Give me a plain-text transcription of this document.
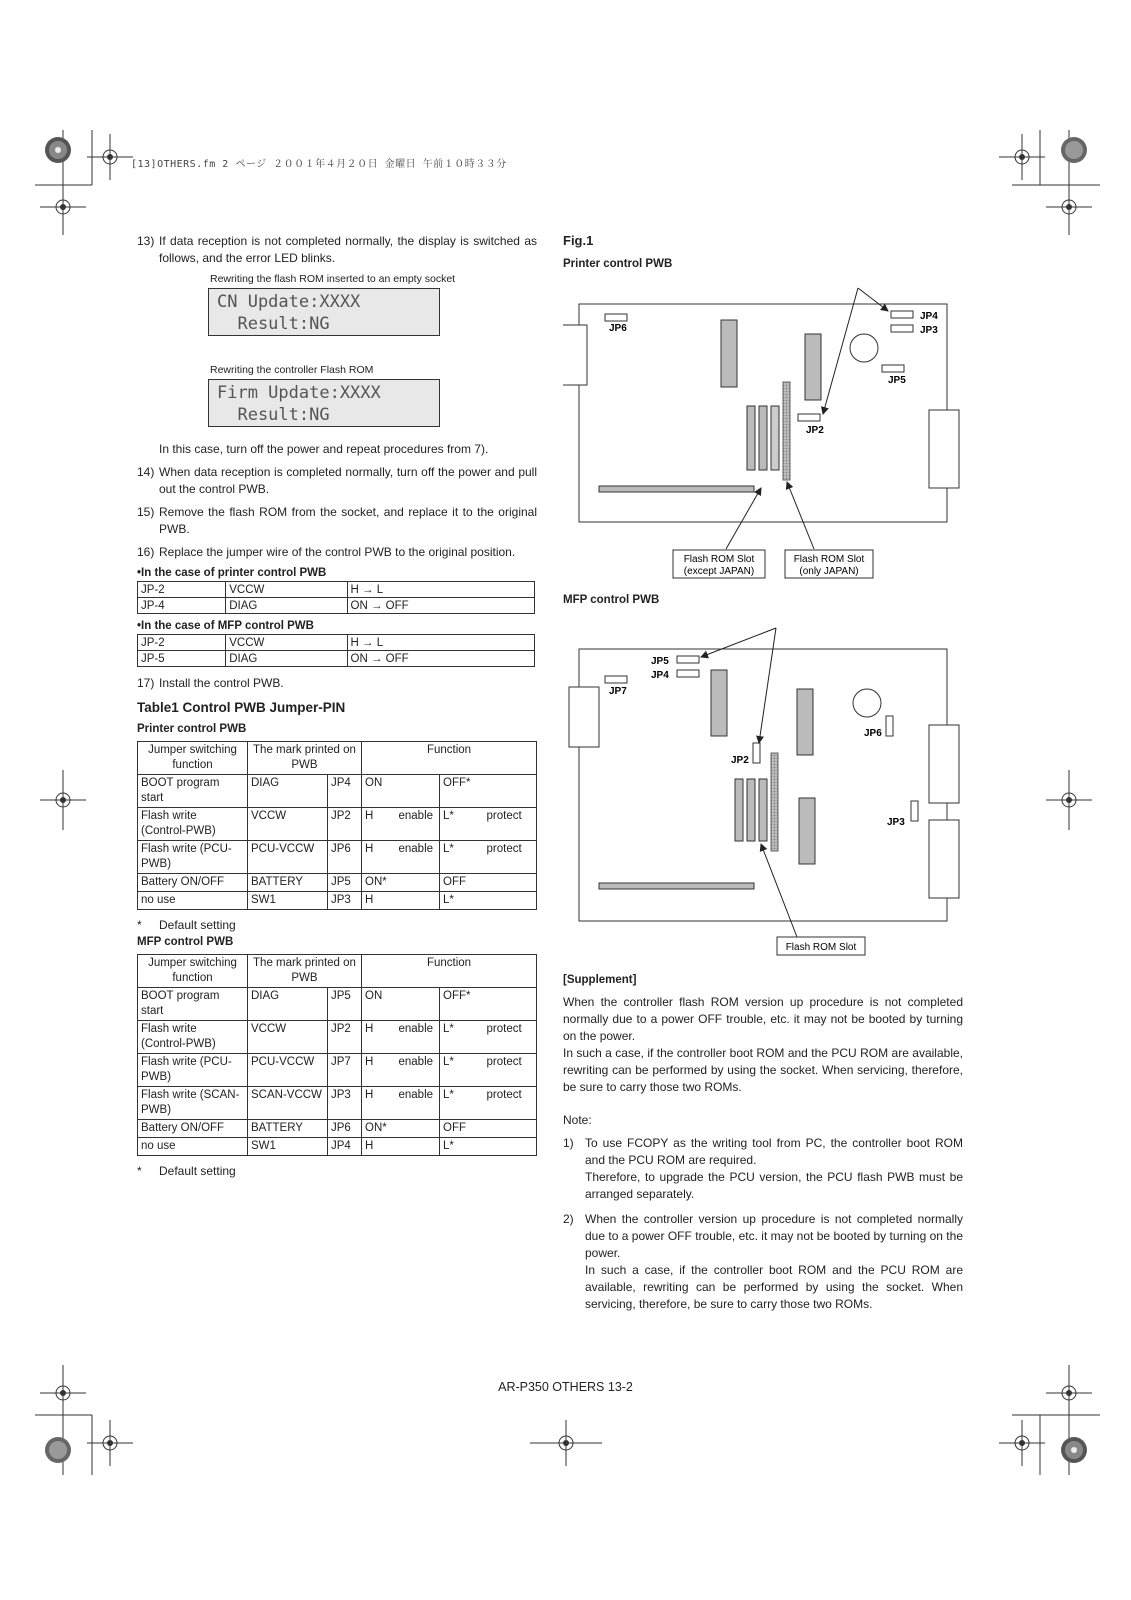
[13]OTHERS.fm 2 ページ ２００１年４月２０日 金曜日 午前１０時３３分
13) If data reception is not completed normally, the display is switched as follows, and the error LED blinks.
Rewriting the flash ROM inserted to an empty socket
CN Update:XXXX
Result:NG
Rewriting the controller Flash ROM
Firm Update:XXXX
Result:NG
In this case, turn off the power and repeat procedures from 7).
14) When data reception is completed normally, turn off the power and pull out the control PWB.
15) Remove the flash ROM from the socket, and replace it to the original PWB.
16) Replace the jumper wire of the control PWB to the original position.
•In the case of printer control PWB
JP-2	VCCW	H → L
JP-4	DIAG	ON → OFF
•In the case of MFP control PWB
JP-2	VCCW	H → L
JP-5	DIAG	ON → OFF
17) Install the control PWB.
Table1 Control PWB Jumper-PIN
Printer control PWB
Jumper switching function	The mark printed on PWB		Function			
BOOT program start	DIAG	JP4	ON		OFF*	
Flash write (Control-PWB)	VCCW	JP2	H	enable	L*	protect
Flash write (PCU-PWB)	PCU-VCCW	JP6	H	enable	L*	protect
Battery ON/OFF	BATTERY	JP5	ON*		OFF	
no use	SW1	JP3	H		L*	
*	Default setting
MFP control PWB
Jumper switching function	The mark printed on PWB		Function			
BOOT program start	DIAG	JP5	ON		OFF*	
Flash write (Control-PWB)	VCCW	JP2	H	enable	L*	protect
Flash write (PCU-PWB)	PCU-VCCW	JP7	H	enable	L*	protect
Flash write (SCAN-PWB)	SCAN-VCCW	JP3	H	enable	L*	protect
Battery ON/OFF	BATTERY	JP6	ON*		OFF	
no use	SW1	JP4	H		L*	
*	Default setting
Fig.1
Printer control PWB
JP6
JP4
JP3
JP5
JP2
Flash ROM Slot
(except JAPAN)
Flash ROM Slot
(only JAPAN)
MFP control PWB
JP7
JP5
JP4
JP6
JP2
JP3
Flash ROM Slot
[Supplement]
When the controller flash ROM version up procedure is not completed normally due to a power OFF trouble, etc. it may not be booted by turning on the power.
In such a case, if the controller boot ROM and the PCU ROM are available, rewriting can be performed by using the socket. When servicing, therefore, be sure to carry those two ROMs.
Note:
1) To use FCOPY as the writing tool from PC, the controller boot ROM and the PCU ROM are required.
Therefore, to upgrade the PCU version, the PCU flash PWB must be arranged separately.
2) When the controller version up procedure is not completed normally due to a power OFF trouble, etc. it may not be booted by turning on the power.
In such a case, if the controller boot ROM and the PCU ROM are available, rewriting can be performed by using the socket. When servicing, therefore, be sure to carry those two ROMs.
AR-P350 OTHERS 13-2
